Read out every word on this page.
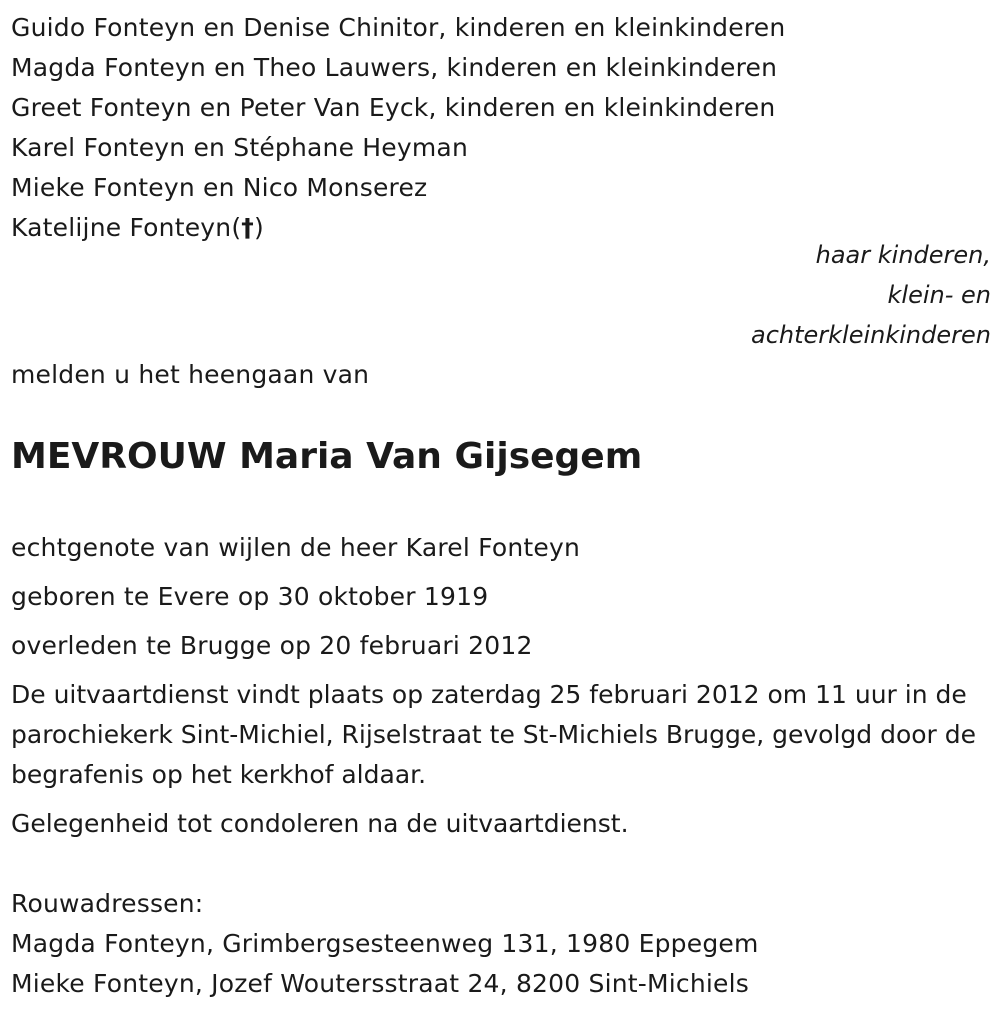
Guido Fonteyn en Denise Chinitor, kinderen en kleinkinderen
Magda Fonteyn en Theo Lauwers, kinderen en kleinkinderen
Greet Fonteyn en Peter Van Eyck, kinderen en kleinkinderen
Karel Fonteyn en Stéphane Heyman
Mieke Fonteyn en Nico Monserez
Katelijne Fonteyn(†)
haar kinderen,
klein- en
achterkleinkinderen
melden u het heengaan van
MEVROUW Maria Van Gijsegem
echtgenote van wijlen de heer Karel Fonteyn
geboren te Evere op 30 oktober 1919
overleden te Brugge op 20 februari 2012
De uitvaartdienst vindt plaats op zaterdag 25 februari 2012 om 11 uur in de parochiekerk Sint-Michiel, Rijselstraat te St-Michiels Brugge, gevolgd door de begrafenis op het kerkhof aldaar.
Gelegenheid tot condoleren na de uitvaartdienst.
Rouwadressen:
Magda Fonteyn, Grimbergsesteenweg 131, 1980 Eppegem
Mieke Fonteyn, Jozef Woutersstraat 24, 8200 Sint-Michiels
